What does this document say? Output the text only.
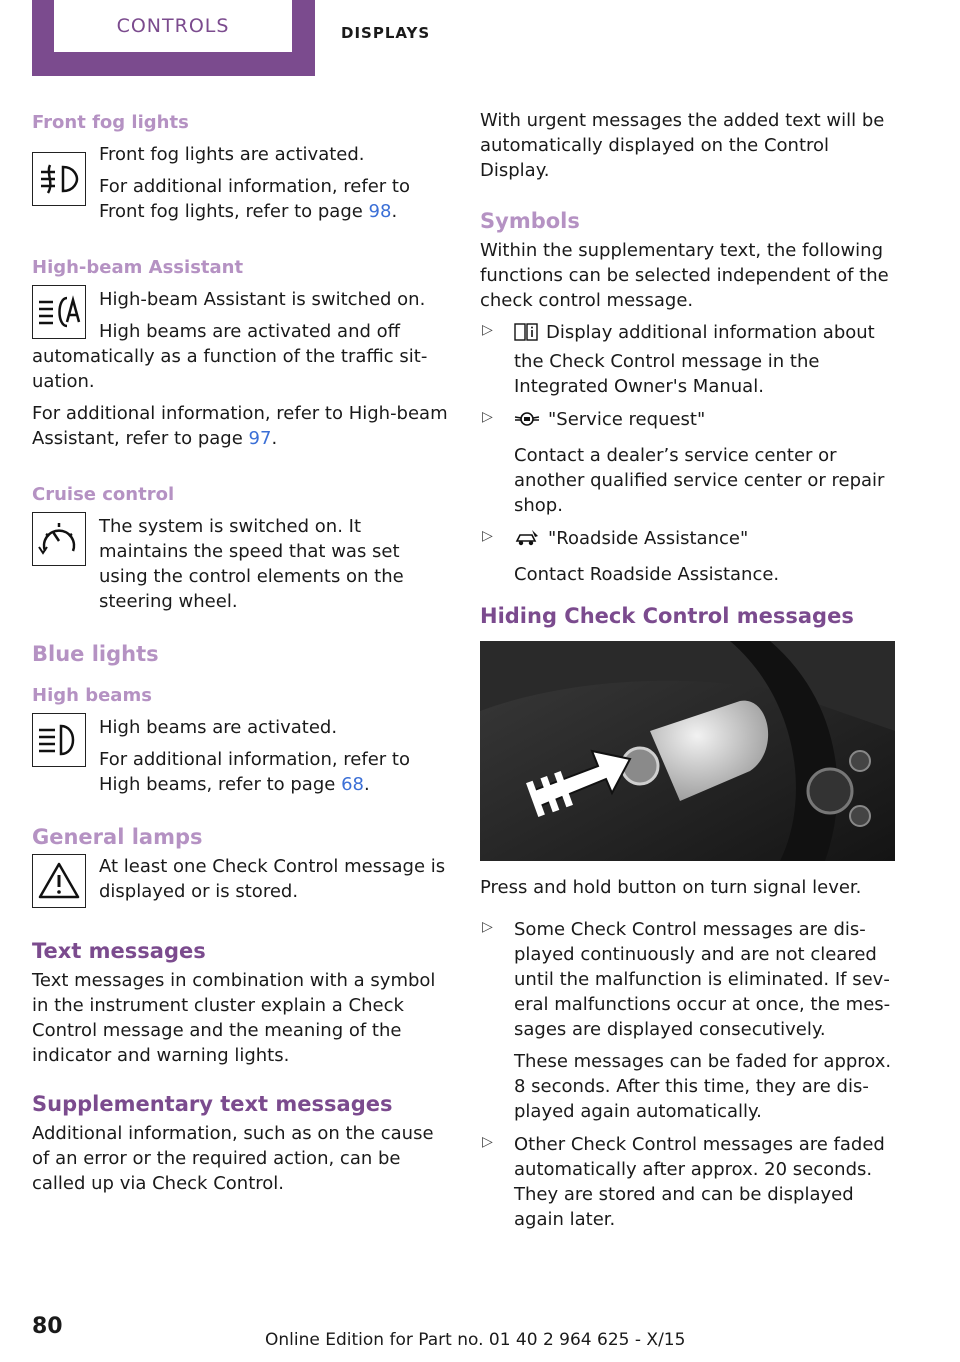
CONTROLS	DISPLAYS
Front fog lights

Front fog lights are activated.

For additional information, refer to Front fog lights, refer to page 98.

High-beam Assistant

High-beam Assistant is switched on.

High beams are activated and off automatically as a function of the traffic situation.

For additional information, refer to High-beam Assistant, refer to page 97.

Cruise control

The system is switched on. It maintains the speed that was set using the control elements on the steering wheel.

Blue lights
High beams

High beams are activated.

For additional information, refer to High beams, refer to page 68.

General lamps

At least one Check Control message is displayed or is stored.

Text messages

Text messages in combination with a symbol in the instrument cluster explain a Check Control message and the meaning of the indicator and warning lights.

Supplementary text messages

Additional information, such as on the cause of an error or the required action, can be called up via Check Control.

With urgent messages the added text will be automatically displayed on the Control Display.

Symbols

Within the supplementary text, the following functions can be selected independent of the check control message.

▷	Display additional information about the Check Control message in the Integrated Owner's Manual.

▷	"Service request"

Contact a dealer’s service center or another qualified service center or repair shop.

▷	"Roadside Assistance"

Contact Roadside Assistance.

Hiding Check Control messages

Press and hold button on turn signal lever.

▷ Some Check Control messages are displayed continuously and are not cleared until the malfunction is eliminated. If several malfunctions occur at once, the messages are displayed consecutively.

These messages can be faded for approx. 8 seconds. After this time, they are displayed again automatically.

▷ Other Check Control messages are faded automatically after approx. 20 seconds. They are stored and can be displayed again later.

80
Online Edition for Part no. 01 40 2 964 625 - X/15
